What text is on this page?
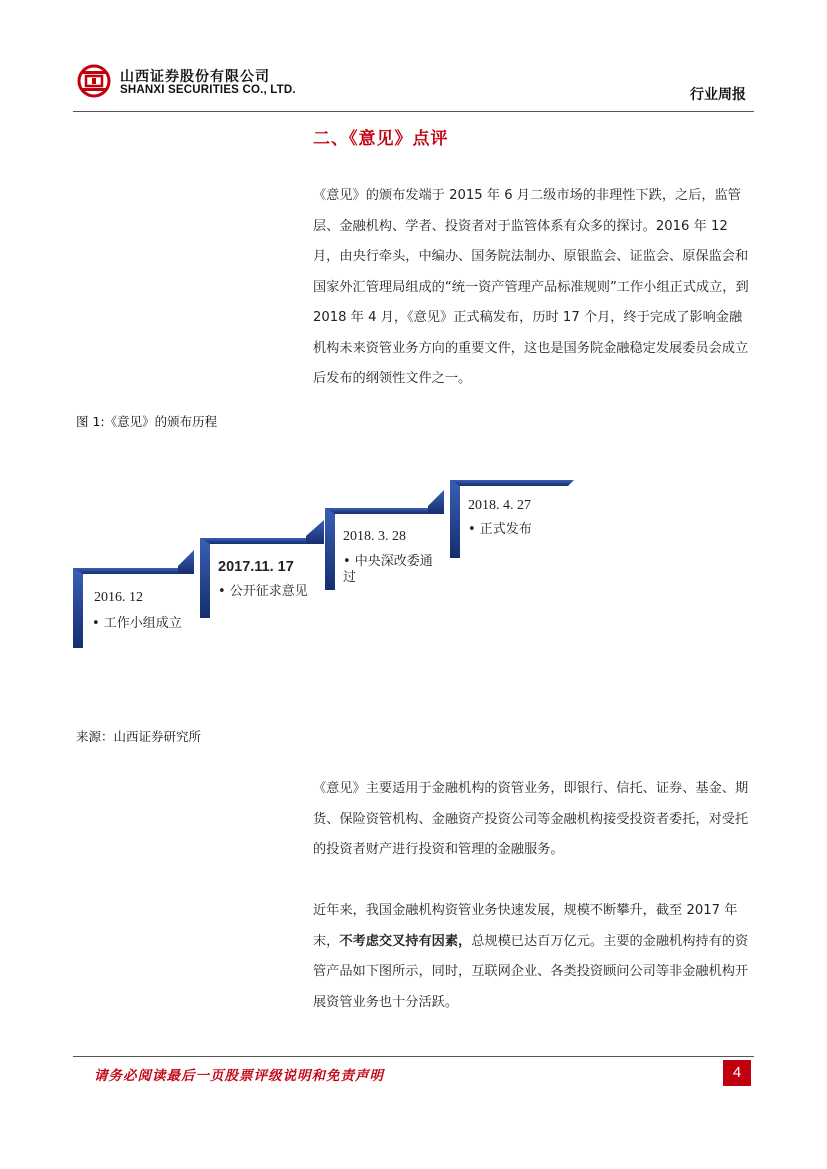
山西证券股份有限公司
SHANXI SECURITIES CO., LTD.	行业周报
二、《意见》点评

《意见》的颁布发端于 2015 年 6 月二级市场的非理性下跌，之后，监管层、金融机构、学者、投资者对于监管体系有众多的探讨。2016 年 12 月，由央行牵头，中编办、国务院法制办、原银监会、证监会、原保监会和国家外汇管理局组成的“统一资产管理产品标准规则”工作小组正式成立，到 2018 年 4 月，《意见》正式稿发布，历时 17 个月，终于完成了影响金融机构未来资管业务方向的重要文件，这也是国务院金融稳定发展委员会成立后发布的纲领性文件之一。

图 1:《意见》的颁布历程
2016. 12
• 工作小组成立
2017.11. 17
• 公开征求意见
2018. 3. 28
• 中央深改委通过
2018. 4. 27
• 正式发布
来源：山西证券研究所

《意见》主要适用于金融机构的资管业务，即银行、信托、证券、基金、期货、保险资管机构、金融资产投资公司等金融机构接受投资者委托，对受托的投资者财产进行投资和管理的金融服务。

近年来，我国金融机构资管业务快速发展，规模不断攀升，截至 2017 年末，不考虑交叉持有因素，总规模已达百万亿元。主要的金融机构持有的资管产品如下图所示，同时，互联网企业、各类投资顾问公司等非金融机构开展资管业务也十分活跃。

请务必阅读最后一页股票评级说明和免责声明	4
